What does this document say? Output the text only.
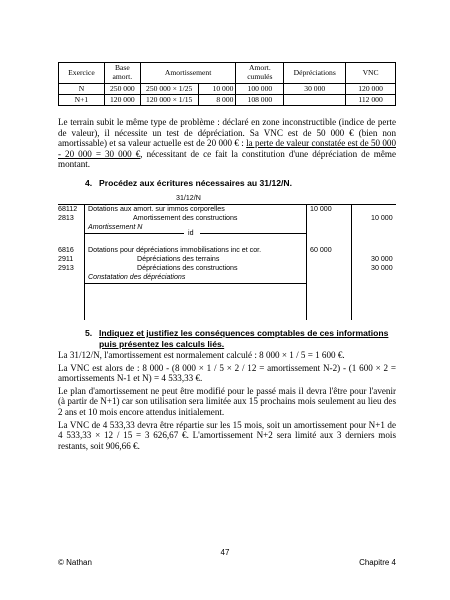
Exercice	Base amort.	Amortissement		Amort. cumulés	Dépréciations	VNC
N	250 000	250 000 × 1/25	10 000	100 000	30 000	120 000
N+1	120 000	120 000 × 1/15	8 000	108 000		112 000

Le terrain subit le même type de problème : déclaré en zone inconstructible (indice de perte de valeur), il nécessite un test de dépréciation. Sa VNC est de 50 000 € (bien non amortissable) et sa valeur actuelle est de 20 000 € : la perte de valeur constatée est de 50 000 - 20 000 = 30 000 €, nécessitant de ce fait la constitution d'une dépréciation de même montant.

4. Procédez aux écritures nécessaires au 31/12/N.
31/12/N
68112 Dotations aux amort. sur immos corporelles	10 000
2813	Amortissement des constructions	10 000
Amortissement N
id
6816 Dotations pour dépréciations immobilisations inc et cor.	60 000
2911	Dépréciations des terrains	30 000
2913	Dépréciations des constructions	30 000
Constatation des dépréciations
5. Indiquez et justifiez les conséquences comptables de ces informations
puis présentez les calculs liés.

La 31/12/N, l'amortissement est normalement calculé : 8 000 × 1 / 5 = 1 600 €.

La VNC est alors de : 8 000 - (8 000 × 1 / 5 × 2 / 12 = amortissement N-2) - (1 600 × 2 = amortissements N-1 et N) = 4 533,33 €.

Le plan d'amortissement ne peut être modifié pour le passé mais il devra l'être pour l'avenir (à partir de N+1) car son utilisation sera limitée aux 15 prochains mois seulement au lieu des 2 ans et 10 mois encore attendus initialement.

La VNC de 4 533,33 devra être répartie sur les 15 mois, soit un amortissement pour N+1 de 4 533,33 × 12 / 15 = 3 626,67 €. L'amortissement N+2 sera limité aux 3 derniers mois restants, soit 906,66 €.

47
© Nathan	Chapitre 4
